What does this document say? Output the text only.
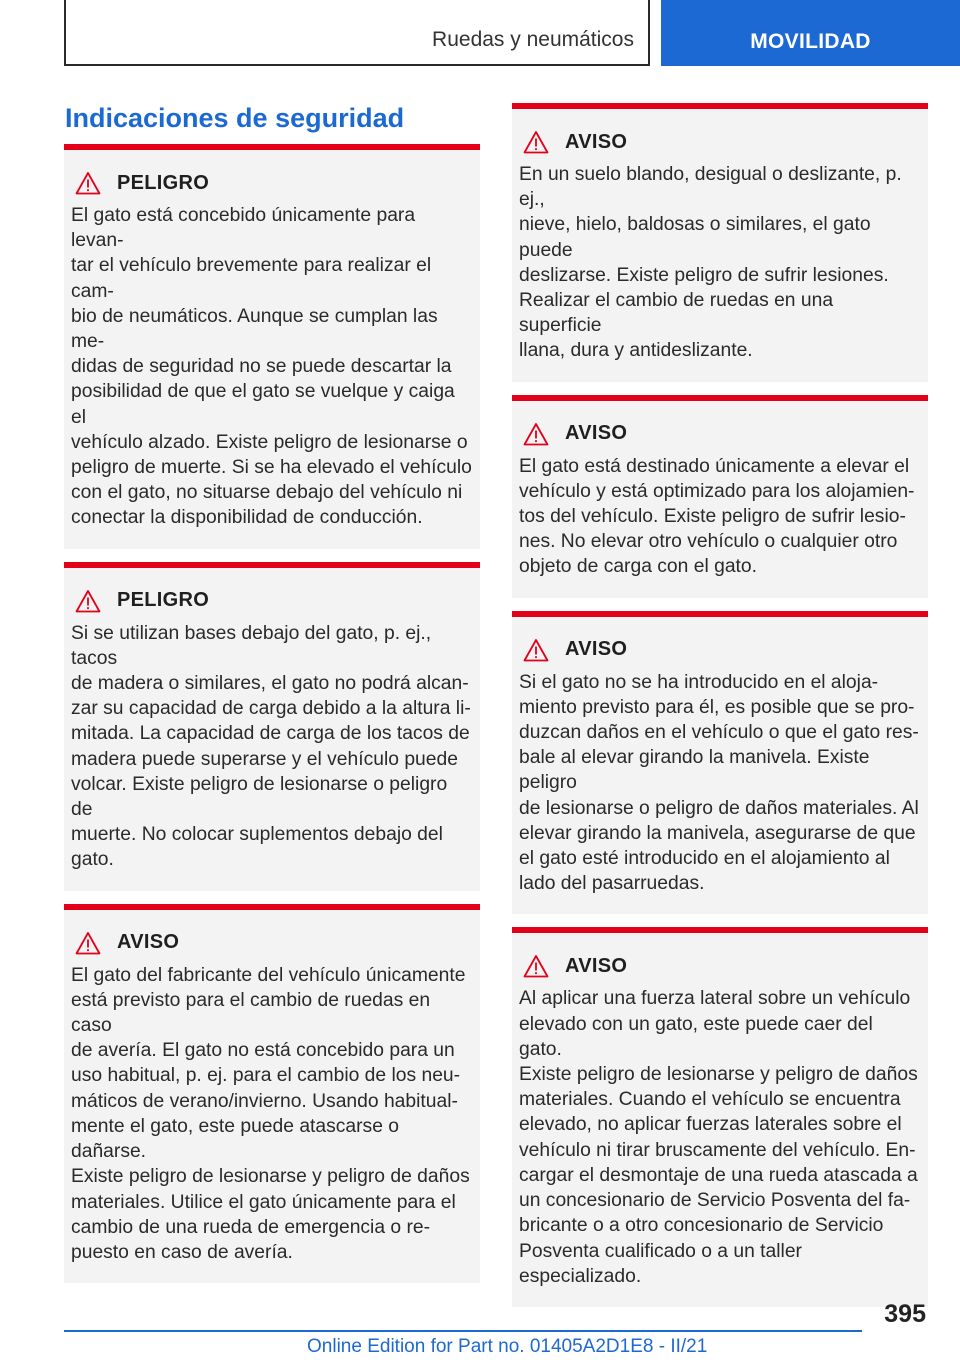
Ruedas y neumáticos	MOVILIDAD
Indicaciones de seguridad
PELIGRO

El gato está concebido únicamente para levan-
tar el vehículo brevemente para realizar el cam-
bio de neumáticos. Aunque se cumplan las me-
didas de seguridad no se puede descartar la
posibilidad de que el gato se vuelque y caiga el
vehículo alzado. Existe peligro de lesionarse o
peligro de muerte. Si se ha elevado el vehículo
con el gato, no situarse debajo del vehículo ni
conectar la disponibilidad de conducción.

PELIGRO

Si se utilizan bases debajo del gato, p. ej., tacos
de madera o similares, el gato no podrá alcan-
zar su capacidad de carga debido a la altura li-
mitada. La capacidad de carga de los tacos de
madera puede superarse y el vehículo puede
volcar. Existe peligro de lesionarse o peligro de
muerte. No colocar suplementos debajo del
gato.

AVISO

El gato del fabricante del vehículo únicamente
está previsto para el cambio de ruedas en caso
de avería. El gato no está concebido para un
uso habitual, p. ej. para el cambio de los neu-
máticos de verano/invierno. Usando habitual-
mente el gato, este puede atascarse o dañarse.
Existe peligro de lesionarse y peligro de daños
materiales. Utilice el gato únicamente para el
cambio de una rueda de emergencia o re-
puesto en caso de avería.

AVISO

En un suelo blando, desigual o deslizante, p. ej.,
nieve, hielo, baldosas o similares, el gato puede
deslizarse. Existe peligro de sufrir lesiones.
Realizar el cambio de ruedas en una superficie
llana, dura y antideslizante.

AVISO

El gato está destinado únicamente a elevar el
vehículo y está optimizado para los alojamien-
tos del vehículo. Existe peligro de sufrir lesio-
nes. No elevar otro vehículo o cualquier otro
objeto de carga con el gato.

AVISO

Si el gato no se ha introducido en el aloja-
miento previsto para él, es posible que se pro-
duzcan daños en el vehículo o que el gato res-
bale al elevar girando la manivela. Existe peligro
de lesionarse o peligro de daños materiales. Al
elevar girando la manivela, asegurarse de que
el gato esté introducido en el alojamiento al
lado del pasarruedas.

AVISO

Al aplicar una fuerza lateral sobre un vehículo
elevado con un gato, este puede caer del gato.
Existe peligro de lesionarse y peligro de daños
materiales. Cuando el vehículo se encuentra
elevado, no aplicar fuerzas laterales sobre el
vehículo ni tirar bruscamente del vehículo. En-
cargar el desmontaje de una rueda atascada a
un concesionario de Servicio Posventa del fa-
bricante o a otro concesionario de Servicio
Posventa cualificado o a un taller especializado.

395
Online Edition for Part no. 01405A2D1E8 - II/21
